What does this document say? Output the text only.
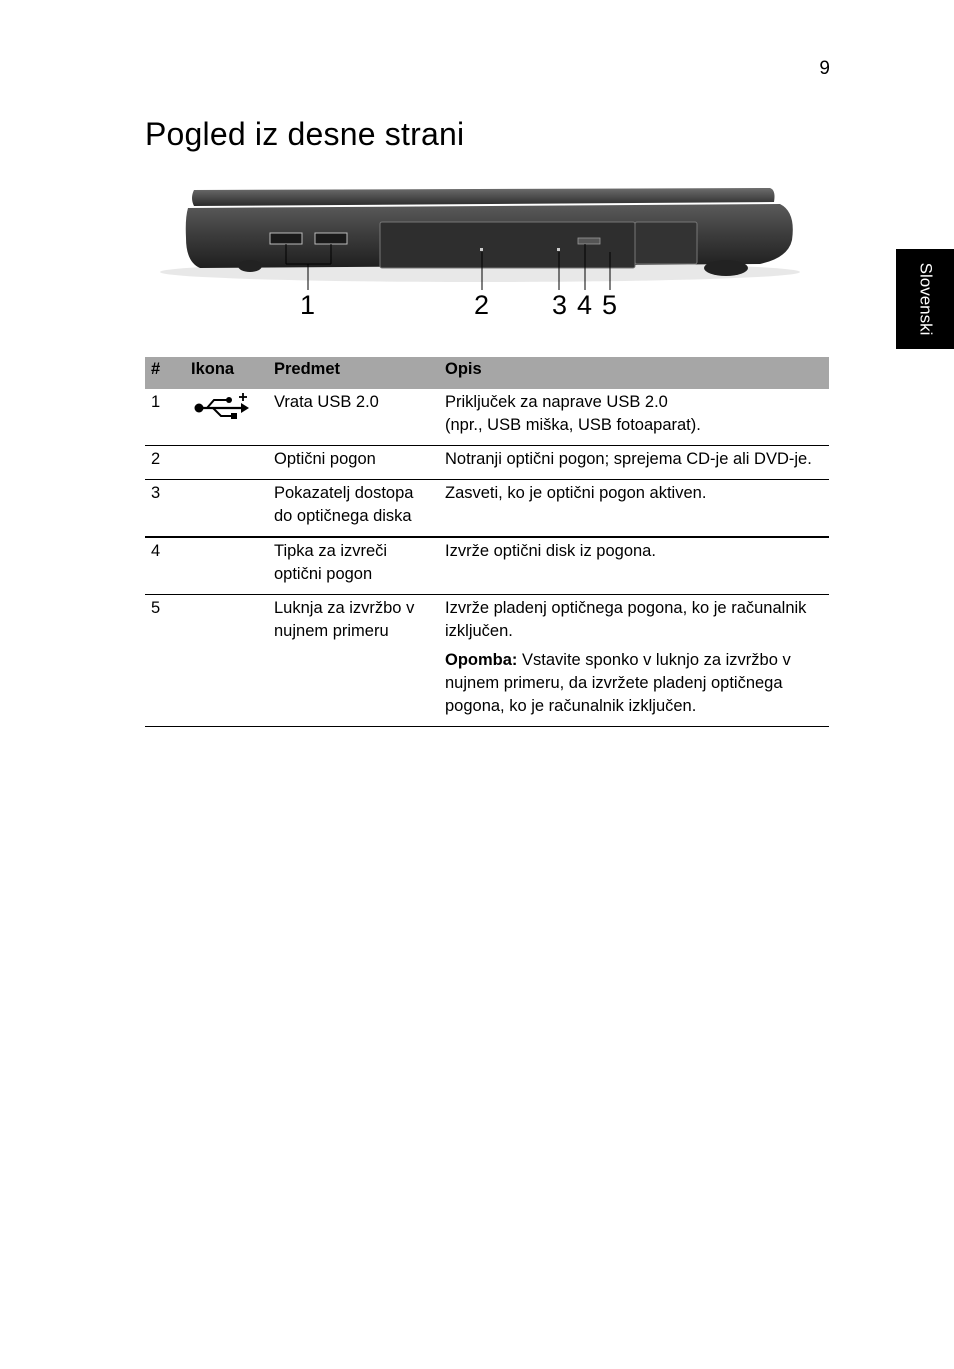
9
Pogled iz desne strani
Slovenski
1	2 3 4 5
#	Ikona	Predmet	Opis
1		Vrata USB 2.0	Priključek za naprave USB 2.0
(npr., USB miška, USB fotoaparat).
2		Optični pogon	Notranji optični pogon; sprejema CD-je ali DVD-je.
3		Pokazatelj dostopa do optičnega diska	Zasveti, ko je optični pogon aktiven.
4		Tipka za izvreči optični pogon	Izvrže optični disk iz pogona.
5		Luknja za izvržbo v nujnem primeru	Izvrže pladenj optičnega pogona, ko je računalnik izključen.

Opomba: Vstavite sponko v luknjo za izvržbo v nujnem primeru, da izvržete pladenj optičnega pogona, ko je računalnik izključen.
